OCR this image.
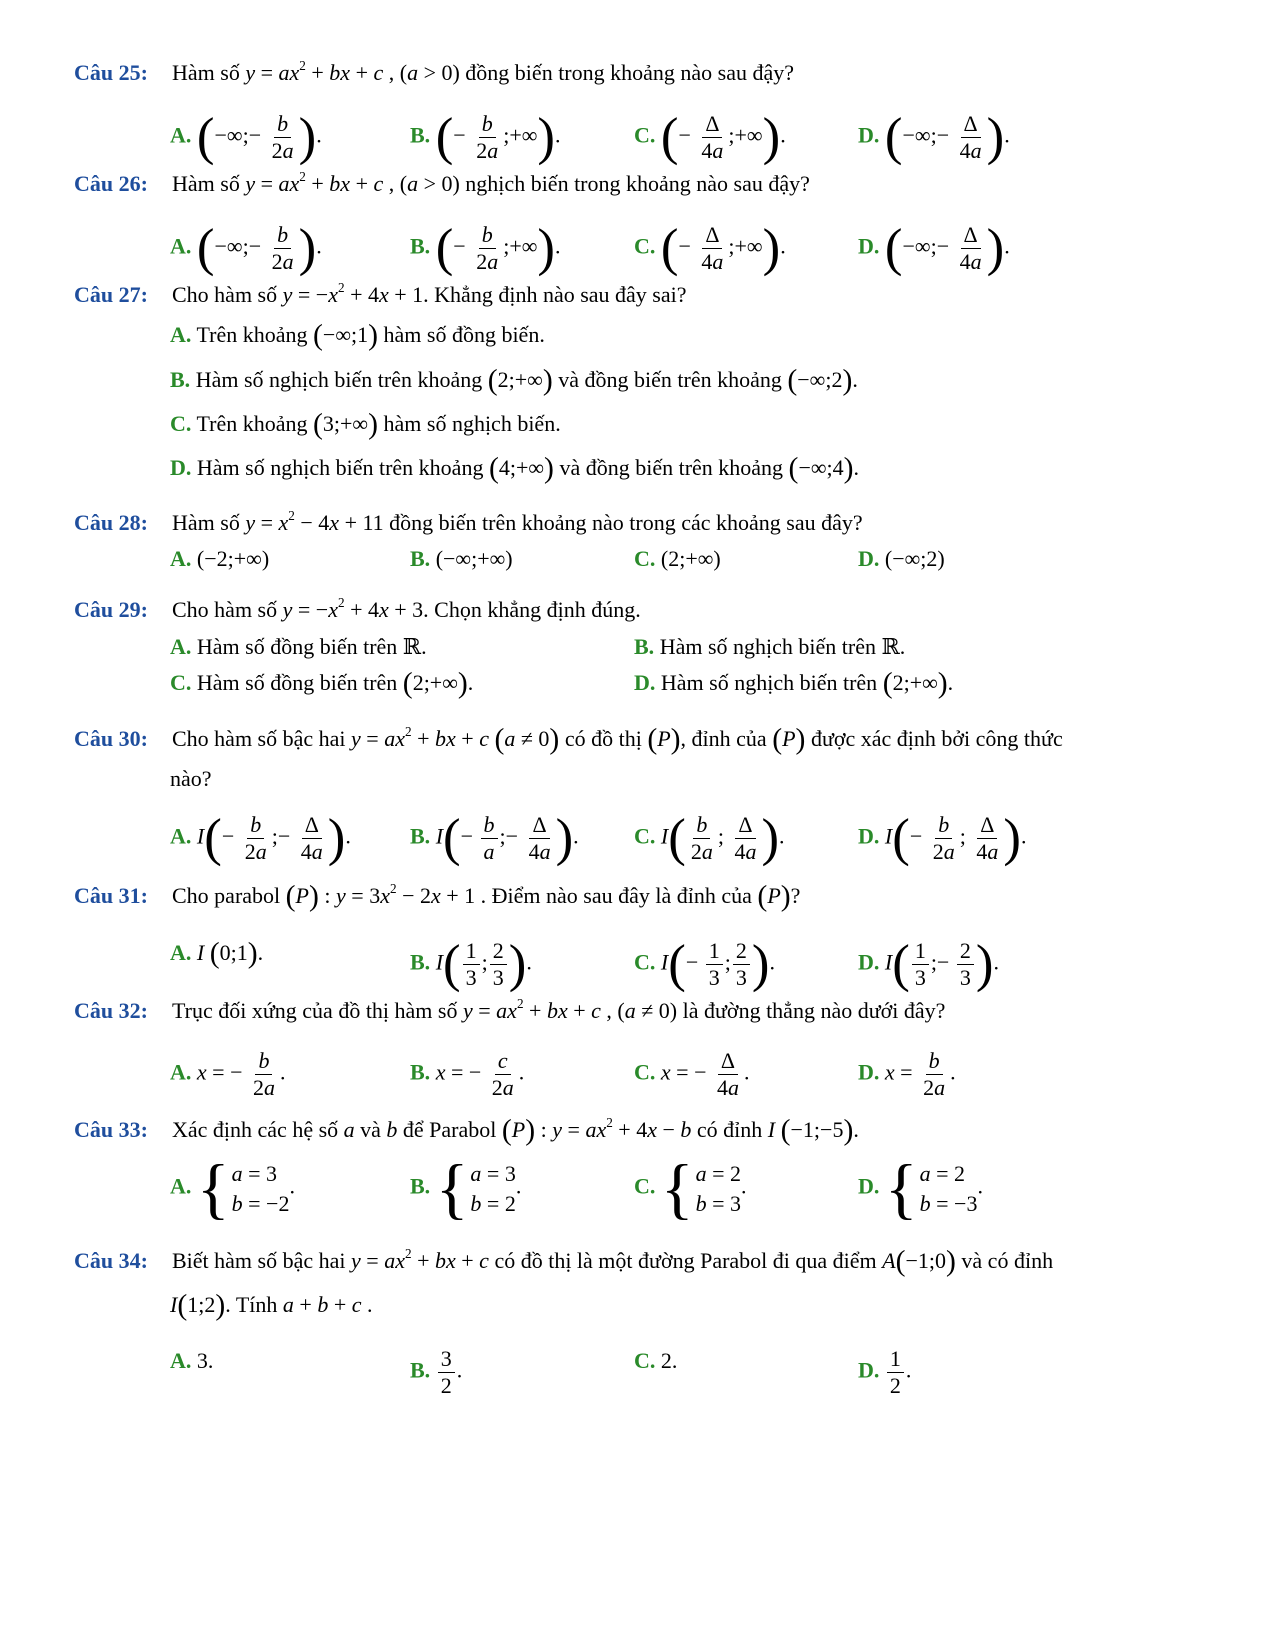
Câu 25: Hàm số $y = ax^2$ + bx + c , (a > 0) đồng biến trong khoảng nào sau đậy?
A. (−∞;− $\frac{b}{2a}$ ).	B. (− $\frac{b}{2a}$ ;+∞).	C. (− $\frac{\Delta}{4a}$ ;+∞).	D. (−∞;− $\frac{\Delta}{4a}$ ).
Câu 26: Hàm số $y = ax^2$ + bx + c , (a > 0) nghịch biến trong khoảng nào sau đậy?
A. (−∞;− $\frac{b}{2a}$ ).	B. (− $\frac{b}{2a}$ ;+∞).	C. (− $\frac{\Delta}{4a}$ ;+∞).	D. (−∞;− $\frac{\Delta}{4a}$ ).
Câu 27: Cho hàm số $y = -x^2 + 4x + 1$. Khẳng định nào sau đây sai?
A. Trên khoảng (−∞;1) hàm số đồng biến.
B. Hàm số nghịch biến trên khoảng (2;+∞) và đồng biến trên khoảng (−∞;2).
C. Trên khoảng (3;+∞) hàm số nghịch biến.
D. Hàm số nghịch biến trên khoảng (4;+∞) và đồng biến trên khoảng (−∞;4).
Câu 28: Hàm số $y = x^2 - 4x + 11$ đồng biến trên khoảng nào trong các khoảng sau đây?
A. (−2;+∞)	B. (−∞;+∞)	C. (2;+∞)	D. (−∞;2)
Câu 29: Cho hàm số $y = -x^2 + 4x + 3$. Chọn khẳng định đúng.
A. Hàm số đồng biến trên ℝ.	B. Hàm số nghịch biến trên ℝ.
C. Hàm số đồng biến trên (2;+∞).	D. Hàm số nghịch biến trên (2;+∞).
Câu 30: Cho hàm số bậc hai $y = ax^2$ + bx + c (a ≠ 0) có đồ thị (P), đỉnh của (P) được xác định bởi công thức
nào?
A. $I(- \frac{b}{2a}$ ;− $\frac{\Delta}{4a}$ ).	B. $I(- \frac{b}{a}$ ;− $\frac{\Delta}{4a}$ ).	C. $I( \frac{b}{2a}$ ; $\frac{\Delta}{4a}$ ).	D. $I(- \frac{b}{2a}$ ; $\frac{\Delta}{4a}$ ).
Câu 31: Cho parabol (P) : $y = 3x^2 - 2x + 1$ . Điểm nào sau đây là đỉnh của (P)?
A. I (0;1).	B. $I( \frac{1}{3}$ ; $\frac{2}{3}$ ).	C. $I(- \frac{1}{3}$ ; $\frac{2}{3}$ ).	D. $I( \frac{1}{3}$ ;− $\frac{2}{3}$ ).
Câu 32: Trục đối xứng của đồ thị hàm số $y = ax^2$ + bx + c , (a ≠ 0) là đường thẳng nào dưới đây?
A. x = − $\frac{b}{2a}$ .	B. x = − $\frac{c}{2a}$ .	C. x = − $\frac{\Delta}{4a}$ .	D. $x = \frac{b}{2a}$ .
Câu 33: Xác định các hệ số a và b để Parabol (P) : $y = ax^2 + 4x - b$ có đỉnh I (−1;−5).
A. { a = 3
b = −2
.	B. { a = 3
b = 2
.	C. { a = 2
b = 3
.	D. { a = 2
b = −3
.
Câu 34: Biết hàm số bậc hai $y = ax^2$ + bx + c có đồ thị là một đường Parabol đi qua điểm A(−1;0) và có đỉnh
I(1;2). Tính a + b + c .
A. 3.	B. $\frac{3}{2}$ .	C. 2.	D. $\frac{1}{2}$ .
